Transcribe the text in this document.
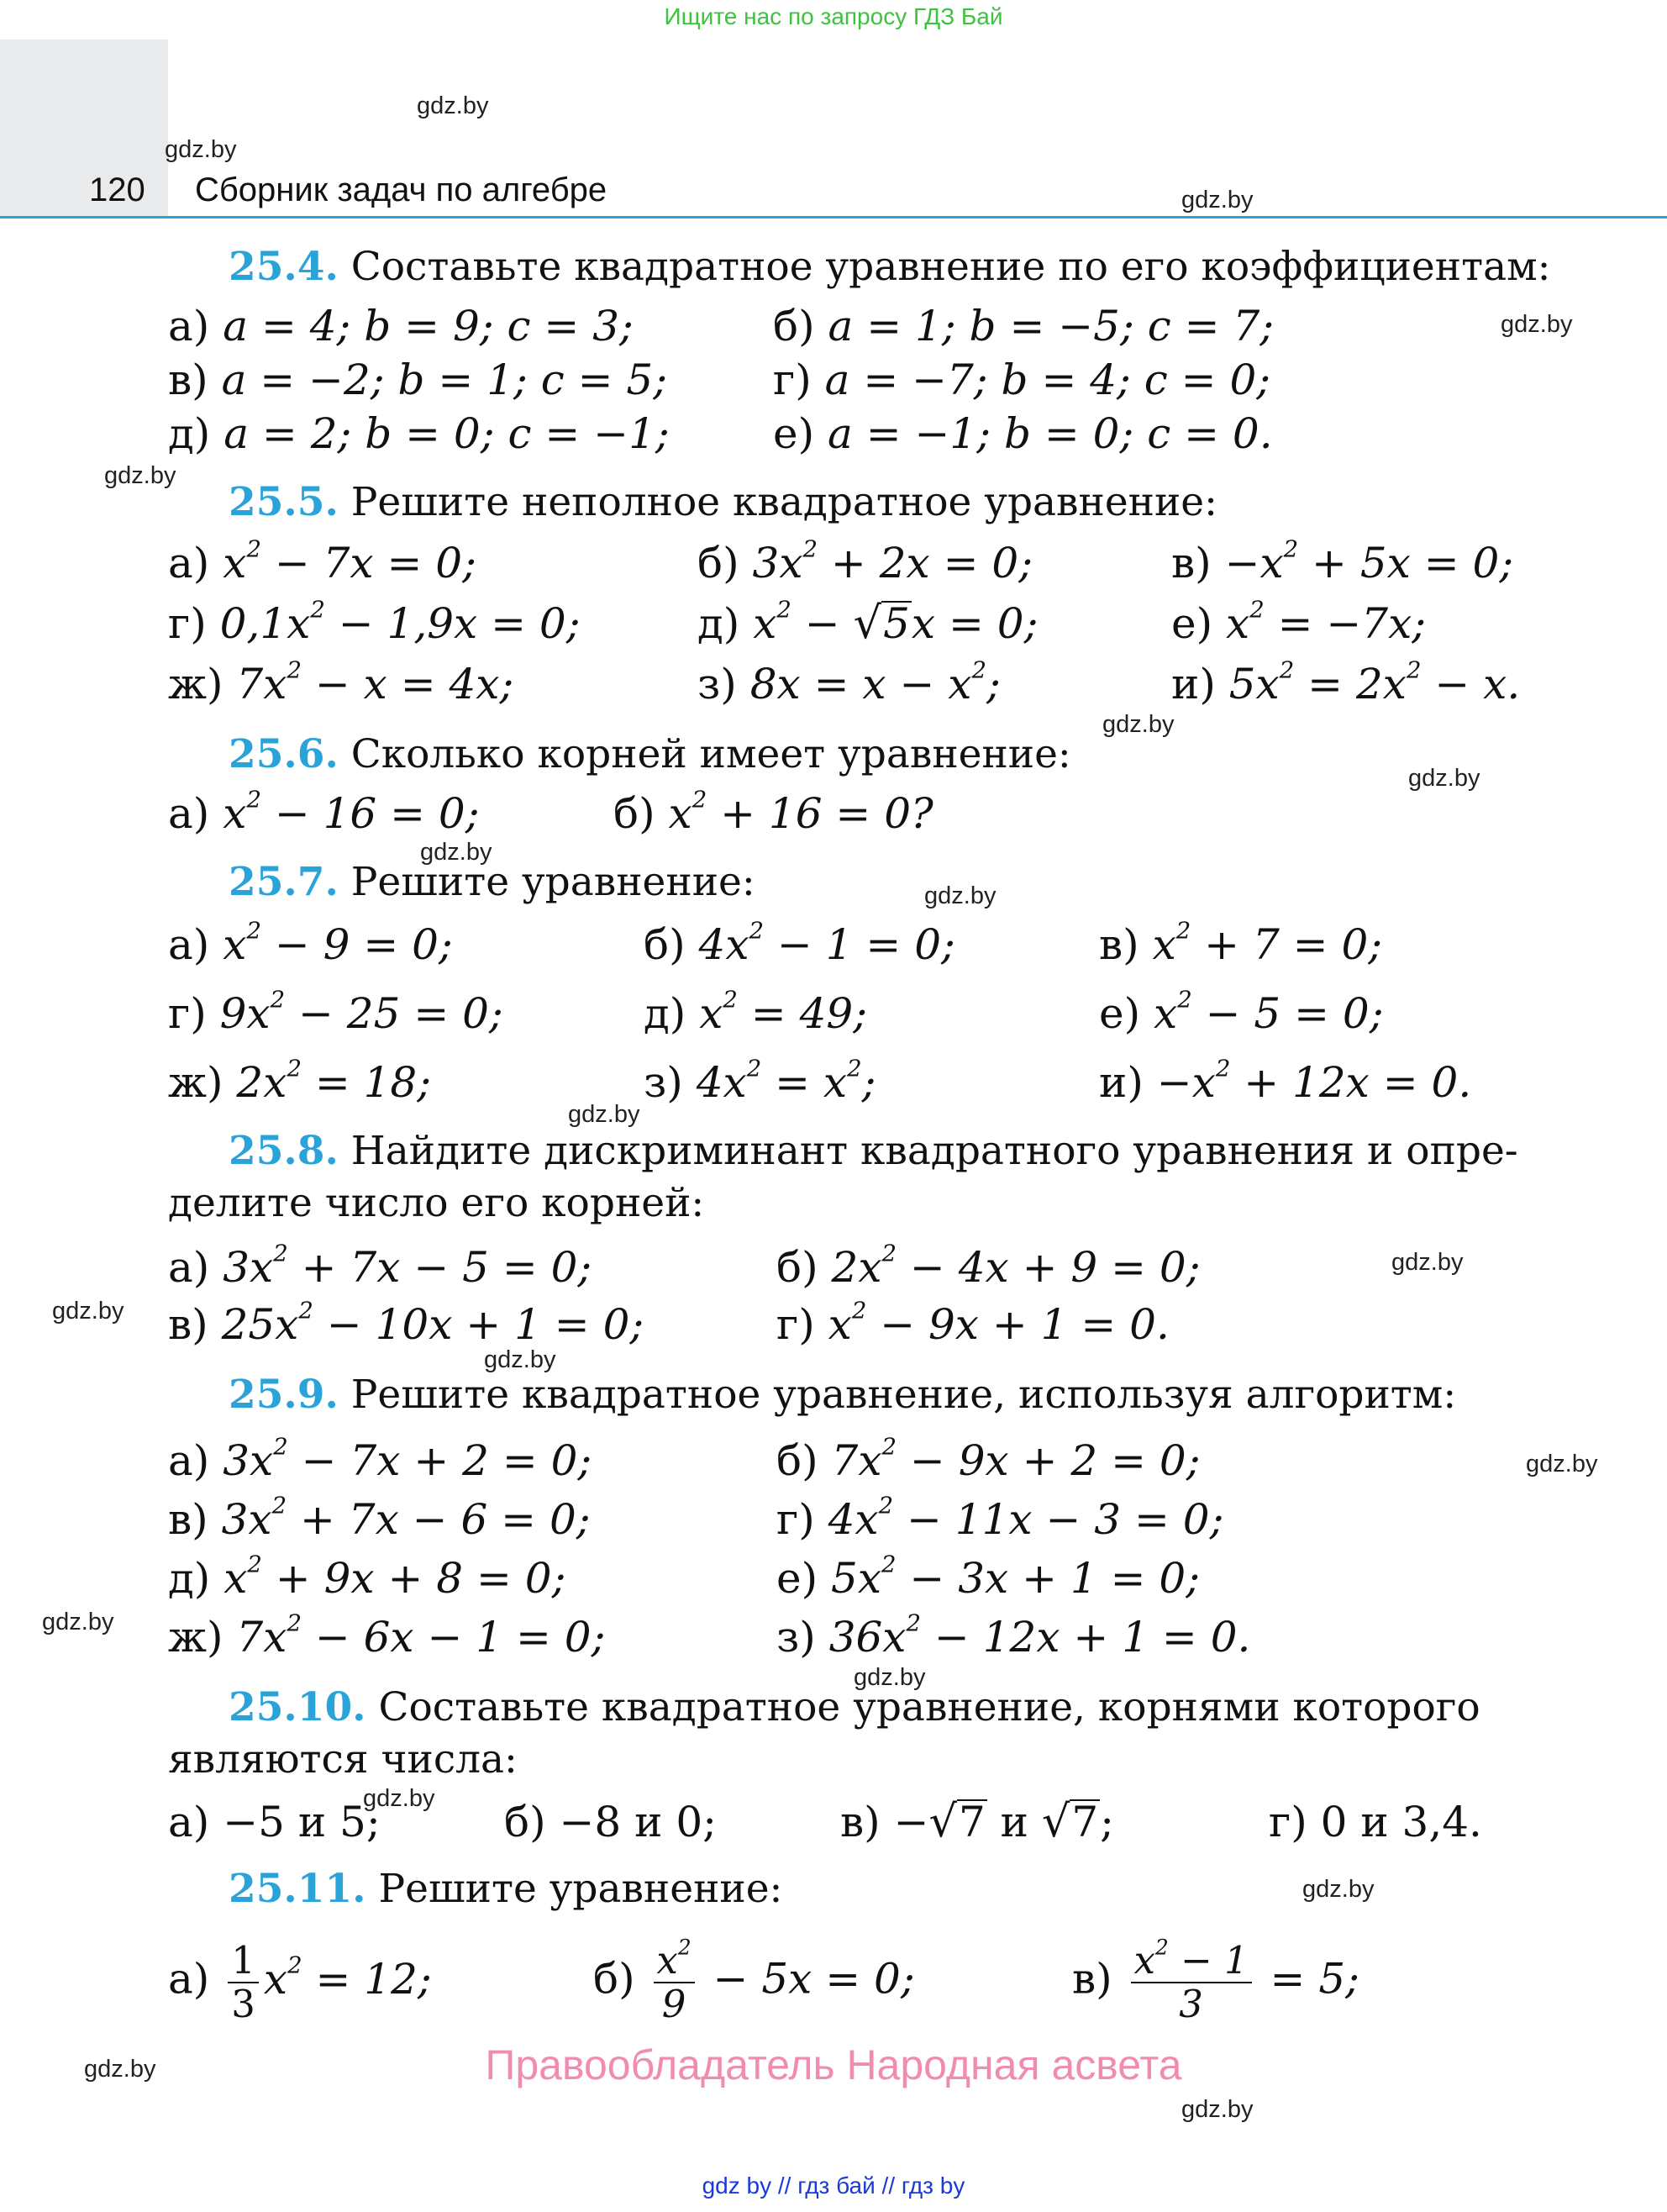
Ищите нас по запросу ГДЗ Бай
120 Сборник задач по алгебре
gdz.by
gdz.by
gdz.by
gdz.by
gdz.by
gdz.by
gdz.by
gdz.by
gdz.by
gdz.by
gdz.by
gdz.by
gdz.by
gdz.by
gdz.by
gdz.by
gdz.by
gdz.by
gdz.by
gdz.by
25.4. Составьте квадратное уравнение по его коэффициентам:
а) a = 4; b = 9; c = 3;	б) a = 1; b = −5; c = 7;
в) a = −2; b = 1; c = 5;	г) a = −7; b = 4; c = 0;
д) a = 2; b = 0; c = −1; е) a = −1; b = 0; c = 0.
25.5. Решите неполное квадратное уравнение:
а) $x^2 - 7x = 0$;	б) $3x^2 + 2x = 0$;	$в) -x^2 + 5x = 0$;
г) $0,1x^2 - 1,9x = 0$;	д) $x^2 - √5x = 0$;	е) $x^2 = -7x$;
ж) $7x^2 - x = 4x$;	з) $8x = x - x^2$;	и) $5x^2 = 2x^2 - x$.
25.6. Сколько корней имеет уравнение:
а) $x^2 - 16 = 0$;	б) $x^2 + 16 = 0$?
25.7. Решите уравнение:
а) $x^2 - 9 = 0$;	б) $4x^2 - 1 = 0$;	в) $x^2 + 7 = 0$;
г) $9x^2 - 25 = 0$;	д) $x^2 = 49$;	е) $x^2 - 5 = 0$;
ж) $2x^2 = 18$;	з) $4x^2 = x^2$;	$и) -x^2 + 12x = 0$.
25.8. Найдите дискриминант квадратного уравнения и опре-
делите число его корней:
а) $3x^2 + 7x - 5 = 0$;	б) $2x^2 - 4x + 9 = 0$;
в) $25x^2 - 10x + 1 = 0$;	г) $x^2 - 9x + 1 = 0$.
25.9. Решите квадратное уравнение, используя алгоритм:
а) $3x^2 - 7x + 2 = 0$;	б) $7x^2 - 9x + 2 = 0$;
в) $3x^2 + 7x - 6 = 0$;	г) $4x^2 - 11x - 3 = 0$;
д) $x^2 + 9x + 8 = 0$;	е) $5x^2 - 3x + 1 = 0$;
ж) $7x^2 - 6x - 1 = 0$;	з) $36x^2 - 12x + 1 = 0$.
25.10. Составьте квадратное уравнение, корнями которого
являются числа:
а) −5 и 5;	б) −8 и 0;	в) −√7 и √7;	г) 0 и 3,4.
25.11. Решите уравнение:
$а) \frac{1}{3} x^2 = 12$;	$б) \frac{x^2}{9} - 5x = 0$;	$в) \frac{x^2 - 1}{3} = 5$;
Правообладатель Народная асвета
gdz by // гдз бай // гдз by
